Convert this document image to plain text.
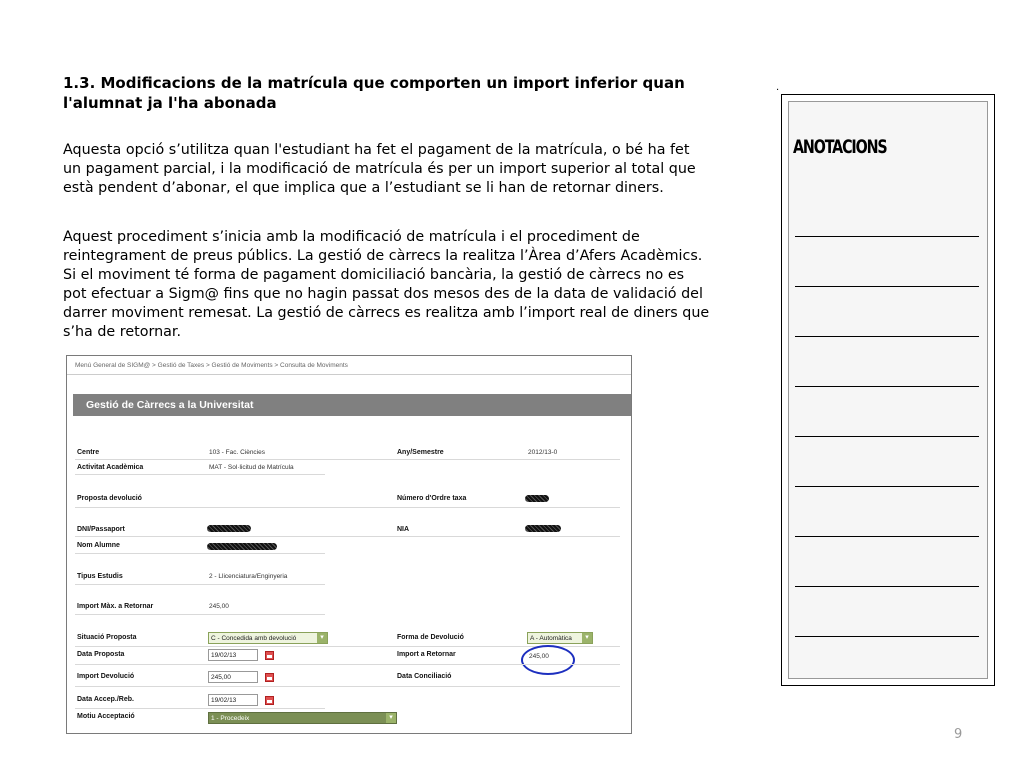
1.3. Modificacions de la matrícula que comporten un import inferior quan l'alumnat ja l'ha abonada
Aquesta opció s’utilitza quan l'estudiant ha fet el pagament de la matrícula, o bé ha fet un pagament parcial, i la modificació de matrícula és per un import superior al total que està pendent d’abonar, el que implica que a l’estudiant se li han de retornar diners.
Aquest procediment s’inicia amb la modificació de matrícula i el procediment de reintegrament de preus públics. La gestió de càrrecs la realitza l’Àrea d’Afers Acadèmics. Si el moviment té forma de pagament domiciliació bancària, la gestió de càrrecs no es pot efectuar a Sigm@ fins que no hagin passat dos mesos des de la data de validació del darrer moviment remesat. La gestió de càrrecs es realitza amb l’import real de diners que s’ha de retornar.
Menú General de SIGM@ > Gestió de Taxes > Gestió de Moviments > Consulta de Moviments
Gestió de Càrrecs a la Universitat
Centre	103 - Fac. Ciències	Any/Semestre	2012/13-0
Activitat Acadèmica	MAT - Sol·licitud de Matrícula
Proposta devolució	Número d'Ordre taxa
DNI/Passaport	NIA
Nom Alumne
Tipus Estudis	2 - Llicenciatura/Enginyeria
Import Màx. a Retornar	245,00
Situació Proposta	C - Concedida amb devolució	▾	Forma de Devolució	A - Automàtica	▾
Data Proposta	19/02/13	Import a Retornar	245,00
Import Devolució	245,00	Data Conciliació
Data Accep./Reb.	19/02/13
Motiu Acceptació	1 - Procedeix	▾
.
ANOTACIONS
9
